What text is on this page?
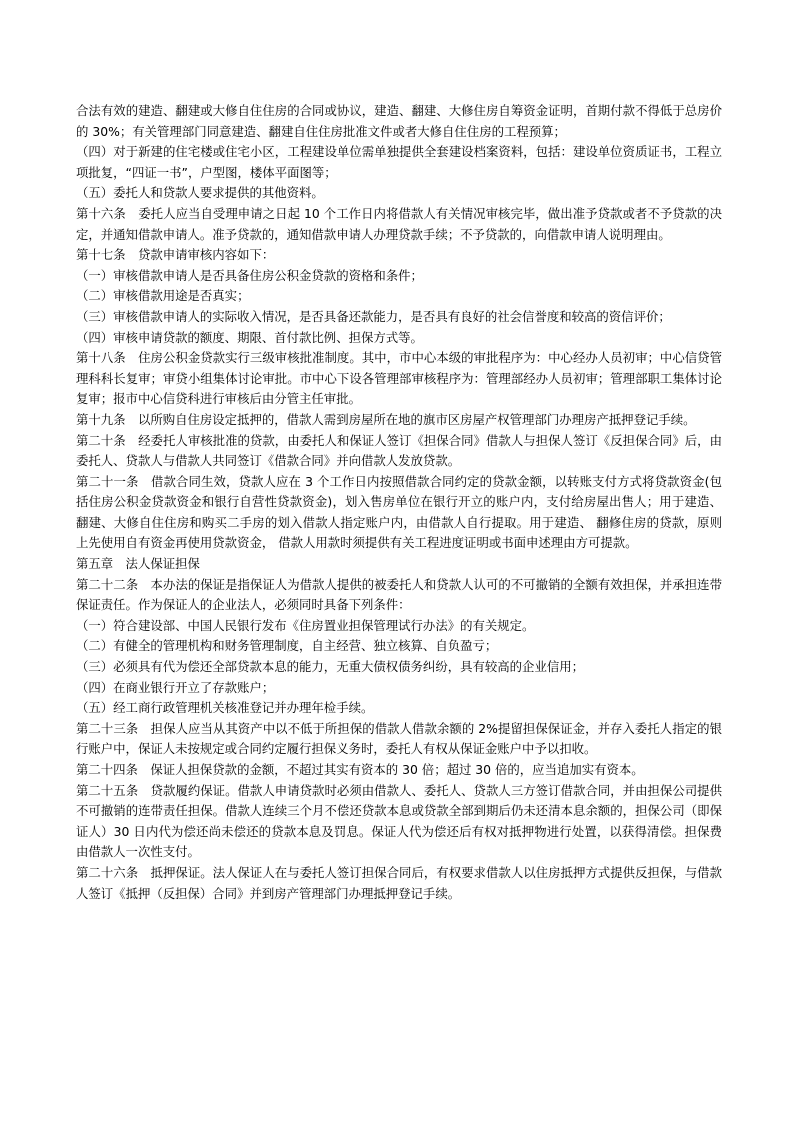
合法有效的建造、翻建或大修自住住房的合同或协议，建造、翻建、大修住房自筹资金证明，首期付款不得低于总房价的 30%；有关管理部门同意建造、翻建自住住房批准文件或者大修自住住房的工程预算；

（四）对于新建的住宅楼或住宅小区，工程建设单位需单独提供全套建设档案资料，包括：建设单位资质证书，工程立项批复，“四证一书”，户型图，楼体平面图等；

（五）委托人和贷款人要求提供的其他资料。

第十六条　委托人应当自受理申请之日起 10 个工作日内将借款人有关情况审核完毕，做出准予贷款或者不予贷款的决定，并通知借款申请人。准予贷款的，通知借款申请人办理贷款手续；不予贷款的，向借款申请人说明理由。

第十七条　贷款申请审核内容如下：

（一）审核借款申请人是否具备住房公积金贷款的资格和条件；

（二）审核借款用途是否真实；

（三）审核借款申请人的实际收入情况，是否具备还款能力，是否具有良好的社会信誉度和较高的资信评价；

（四）审核申请贷款的额度、期限、首付款比例、担保方式等。

第十八条　住房公积金贷款实行三级审核批准制度。其中，市中心本级的审批程序为：中心经办人员初审；中心信贷管理科科长复审；审贷小组集体讨论审批。市中心下设各管理部审核程序为：管理部经办人员初审；管理部职工集体讨论复审；报市中心信贷科进行审核后由分管主任审批。

第十九条　以所购自住房设定抵押的，借款人需到房屋所在地的旗市区房屋产权管理部门办理房产抵押登记手续。

第二十条　经委托人审核批准的贷款，由委托人和保证人签订《担保合同》借款人与担保人签订《反担保合同》后，由委托人、贷款人与借款人共同签订《借款合同》并向借款人发放贷款。

第二十一条　借款合同生效，贷款人应在 3 个工作日内按照借款合同约定的贷款金额，以转账支付方式将贷款资金(包括住房公积金贷款资金和银行自营性贷款资金)，划入售房单位在银行开立的账户内，支付给房屋出售人；用于建造、翻建、大修自住住房和购买二手房的划入借款人指定账户内，由借款人自行提取。用于建造、 翻修住房的贷款，原则上先使用自有资金再使用贷款资金， 借款人用款时须提供有关工程进度证明或书面申述理由方可提款。

第五章　法人保证担保

第二十二条　本办法的保证是指保证人为借款人提供的被委托人和贷款人认可的不可撤销的全额有效担保，并承担连带保证责任。作为保证人的企业法人，必须同时具备下列条件：

（一）符合建设部、中国人民银行发布《住房置业担保管理试行办法》的有关规定。

（二）有健全的管理机构和财务管理制度，自主经营、独立核算、自负盈亏；

（三）必须具有代为偿还全部贷款本息的能力，无重大债权债务纠纷，具有较高的企业信用；

（四）在商业银行开立了存款账户；

（五）经工商行政管理机关核准登记并办理年检手续。

第二十三条　担保人应当从其资产中以不低于所担保的借款人借款余额的 2%提留担保保证金，并存入委托人指定的银行账户中，保证人未按规定或合同约定履行担保义务时，委托人有权从保证金账户中予以扣收。

第二十四条　保证人担保贷款的金额，不超过其实有资本的 30 倍；超过 30 倍的，应当追加实有资本。

第二十五条　贷款履约保证。借款人申请贷款时必须由借款人、委托人、贷款人三方签订借款合同，并由担保公司提供不可撤销的连带责任担保。借款人连续三个月不偿还贷款本息或贷款全部到期后仍未还清本息余额的，担保公司（即保证人）30 日内代为偿还尚未偿还的贷款本息及罚息。保证人代为偿还后有权对抵押物进行处置，以获得清偿。担保费由借款人一次性支付。

第二十六条　抵押保证。法人保证人在与委托人签订担保合同后，有权要求借款人以住房抵押方式提供反担保，与借款人签订《抵押（反担保）合同》并到房产管理部门办理抵押登记手续。
